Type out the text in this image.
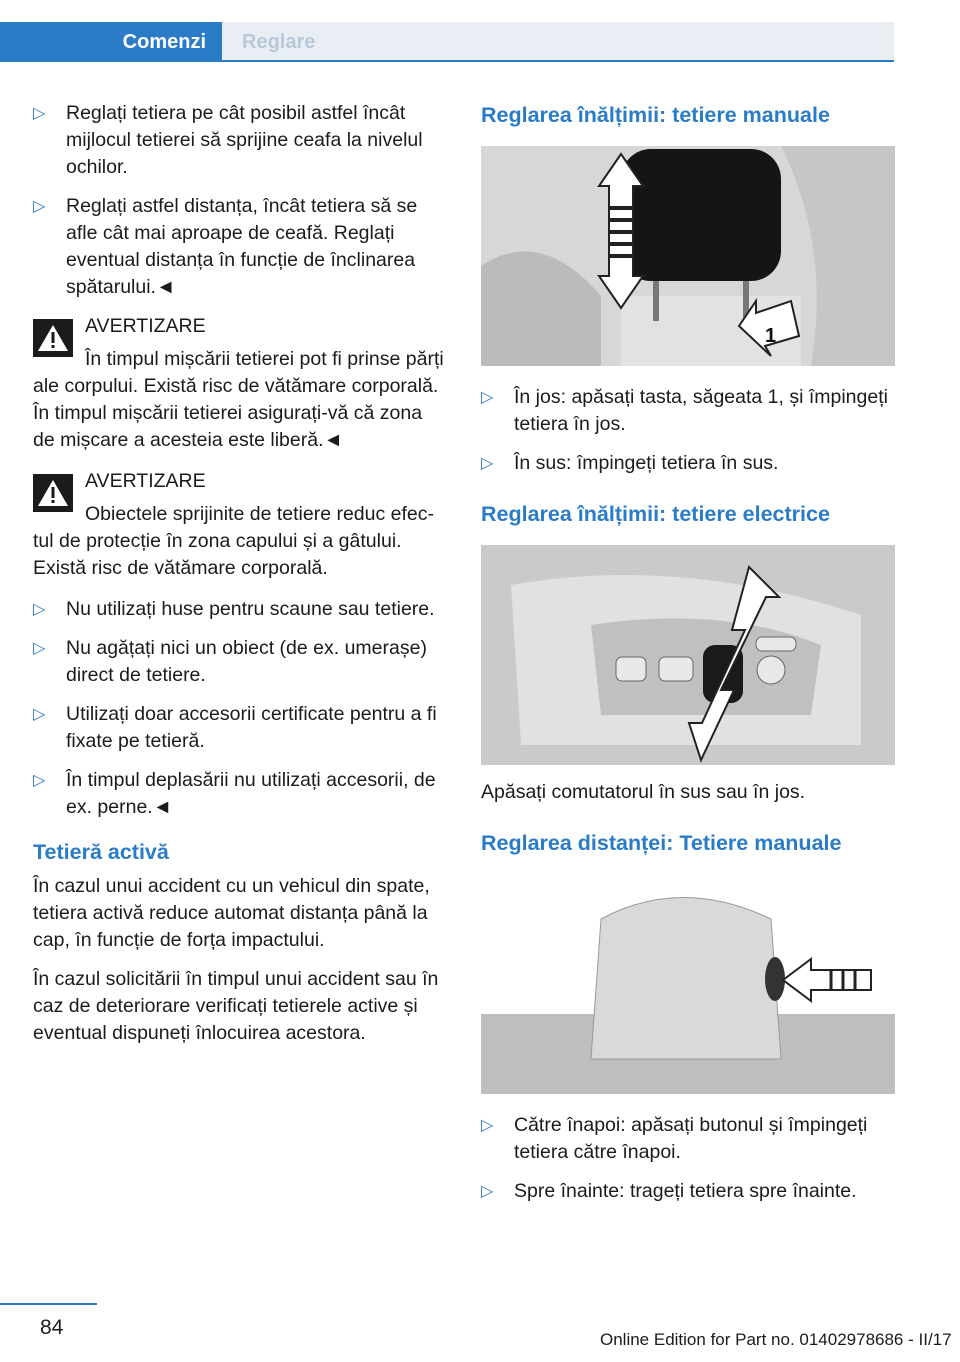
Comenzi	Reglare
▷ Reglați tetiera pe cât posibil astfel încât mijlocul tetierei să sprijine ceafa la nivelul ochilor.
▷ Reglați astfel distanța, încât tetiera să se afle cât mai aproape de ceafă. Reglați eventual distanța în funcție de înclinarea spătarului.◄

AVERTIZARE

În timpul mișcării tetierei pot fi prinse părți ale corpului. Există risc de vătămare corporală. În timpul mișcării tetierei asigurați-vă că zona de mișcare a acesteia este liberă.◄

AVERTIZARE

Obiectele sprijinite de tetiere reduc efectul de protecție în zona capului și a gâtului. Există risc de vătămare corporală.

▷ Nu utilizați huse pentru scaune sau tetiere.
▷ Nu agățați nici un obiect (de ex. umerașe) direct de tetiere.
▷ Utilizați doar accesorii certificate pentru a fi fixate pe tetieră.
▷ În timpul deplasării nu utilizați accesorii, de ex. perne.◄
Tetieră activă

În cazul unui accident cu un vehicul din spate, tetiera activă reduce automat distanța până la cap, în funcție de forța impactului.

În cazul solicitării în timpul unui accident sau în caz de deteriorare verificați tetierele active și eventual dispuneți înlocuirea acestora.

Reglarea înălțimii: tetiere manuale
1
▷ În jos: apăsați tasta, săgeata 1, și împingeți tetiera în jos.
▷ În sus: împingeți tetiera în sus.
Reglarea înălțimii: tetiere electrice

Apăsați comutatorul în sus sau în jos.

Reglarea distanței: Tetiere manuale
▷ Către înapoi: apăsați butonul și împingeți tetiera către înapoi.
▷ Spre înainte: trageți tetiera spre înainte.
84
Online Edition for Part no. 01402978686 - II/17
